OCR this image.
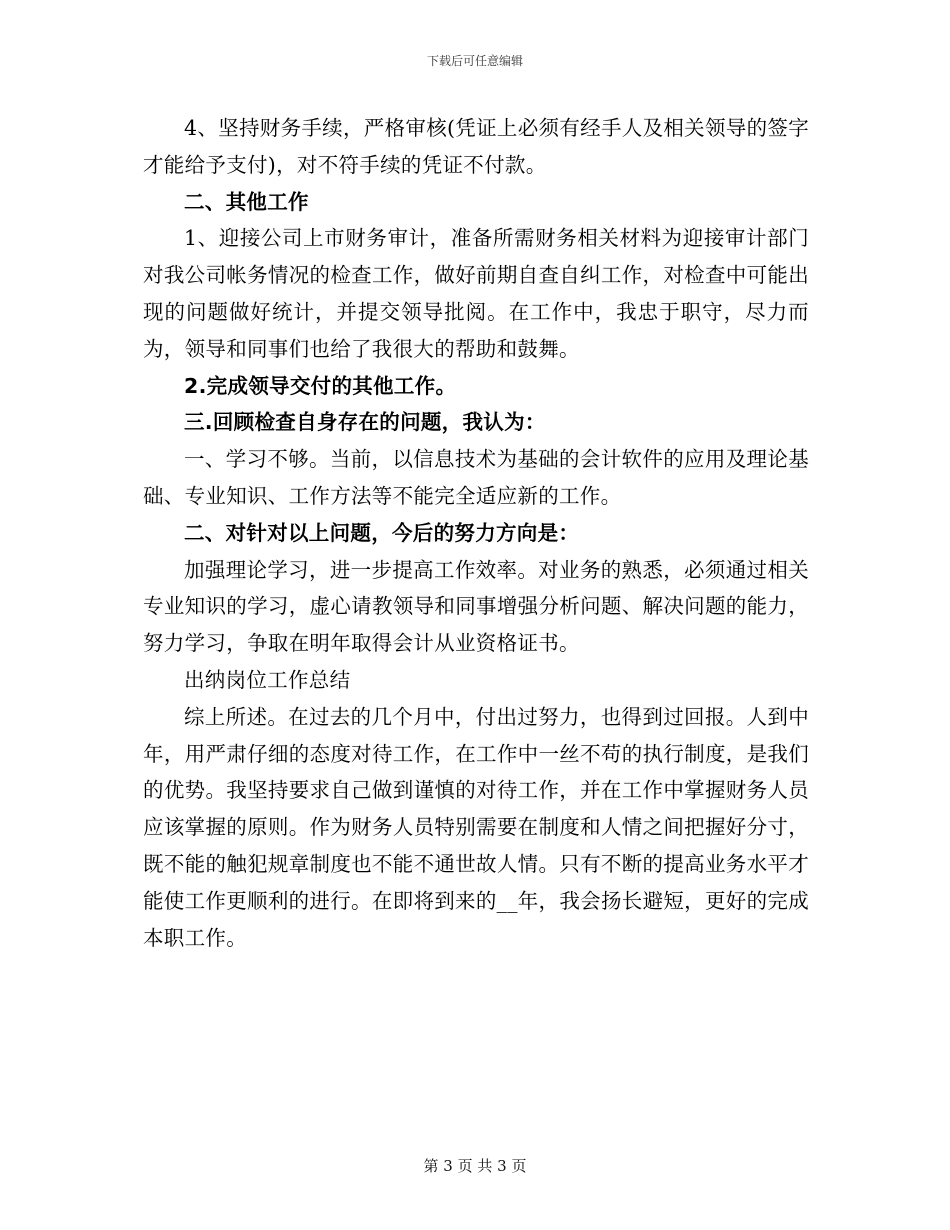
下载后可任意编辑

4、坚持财务手续，严格审核(凭证上必须有经手人及相关领导的签字才能给予支付)，对不符手续的凭证不付款。

二、其他工作

1、迎接公司上市财务审计，准备所需财务相关材料为迎接审计部门对我公司帐务情况的检查工作，做好前期自查自纠工作，对检查中可能出现的问题做好统计，并提交领导批阅。在工作中，我忠于职守，尽力而为，领导和同事们也给了我很大的帮助和鼓舞。

2.完成领导交付的其他工作。

三.回顾检查自身存在的问题，我认为：

一、学习不够。当前，以信息技术为基础的会计软件的应用及理论基础、专业知识、工作方法等不能完全适应新的工作。

二、对针对以上问题，今后的努力方向是：

加强理论学习，进一步提高工作效率。对业务的熟悉，必须通过相关专业知识的学习，虚心请教领导和同事增强分析问题、解决问题的能力，努力学习，争取在明年取得会计从业资格证书。

出纳岗位工作总结

综上所述。在过去的几个月中，付出过努力，也得到过回报。人到中年，用严肃仔细的态度对待工作，在工作中一丝不苟的执行制度，是我们的优势。我坚持要求自己做到谨慎的对待工作，并在工作中掌握财务人员应该掌握的原则。作为财务人员特别需要在制度和人情之间把握好分寸，既不能的触犯规章制度也不能不通世故人情。只有不断的提高业务水平才能使工作更顺利的进行。在即将到来的__年，我会扬长避短，更好的完成本职工作。

第 3 页 共 3 页
